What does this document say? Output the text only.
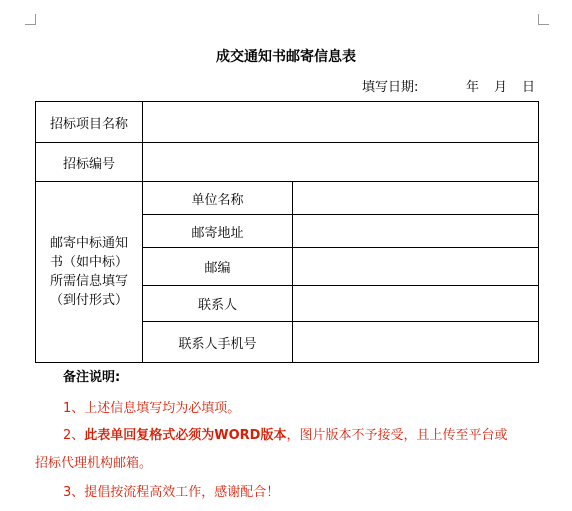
成交通知书邮寄信息表
填写日期:	年 月 日
招标项目名称		
招标编号		

邮寄中标通知
书（如中标）
所需信息填写
（到付形式）	单位名称	
	邮寄地址	
	邮编	
	联系人	
	联系人手机号	
备注说明:
1、上述信息填写均为必填项。
2、此表单回复格式必须为WORD版本，图片版本不予接受，且上传至平台或
招标代理机构邮箱。
3、提倡按流程高效工作，感谢配合！
